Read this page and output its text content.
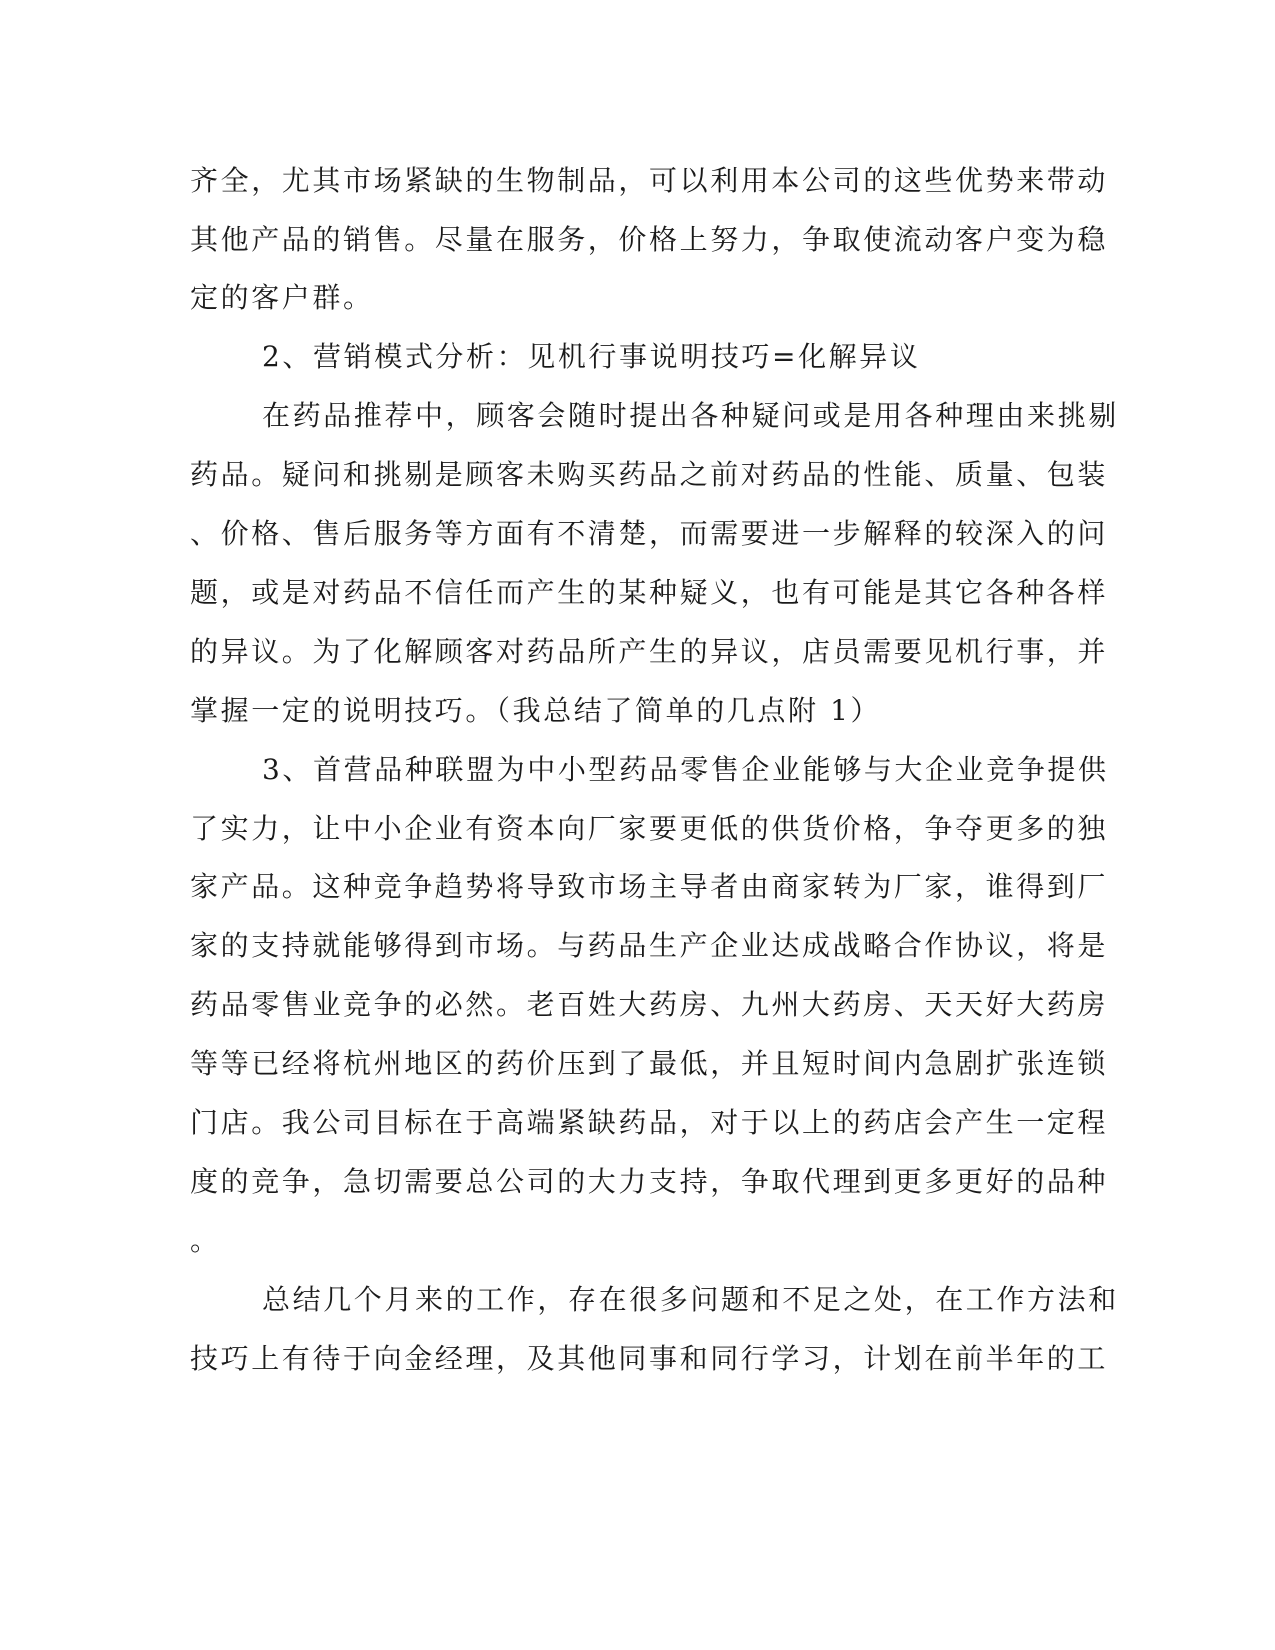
齐全，尤其市场紧缺的生物制品，可以利用本公司的这些优势来带动

其他产品的销售。尽量在服务，价格上努力，争取使流动客户变为稳

定的客户群。

2、营销模式分析：见机行事说明技巧=化解异议

在药品推荐中，顾客会随时提出各种疑问或是用各种理由来挑剔

药品。疑问和挑剔是顾客未购买药品之前对药品的性能、质量、包装

、价格、售后服务等方面有不清楚，而需要进一步解释的较深入的问

题，或是对药品不信任而产生的某种疑义，也有可能是其它各种各样

的异议。为了化解顾客对药品所产生的异议，店员需要见机行事，并

掌握一定的说明技巧。（我总结了简单的几点附 1）

3、首营品种联盟为中小型药品零售企业能够与大企业竞争提供

了实力，让中小企业有资本向厂家要更低的供货价格，争夺更多的独

家产品。这种竞争趋势将导致市场主导者由商家转为厂家，谁得到厂

家的支持就能够得到市场。与药品生产企业达成战略合作协议，将是

药品零售业竞争的必然。老百姓大药房、九州大药房、天天好大药房

等等已经将杭州地区的药价压到了最低，并且短时间内急剧扩张连锁

门店。我公司目标在于高端紧缺药品，对于以上的药店会产生一定程

度的竞争，急切需要总公司的大力支持，争取代理到更多更好的品种

。

总结几个月来的工作，存在很多问题和不足之处，在工作方法和

技巧上有待于向金经理，及其他同事和同行学习，计划在前半年的工
